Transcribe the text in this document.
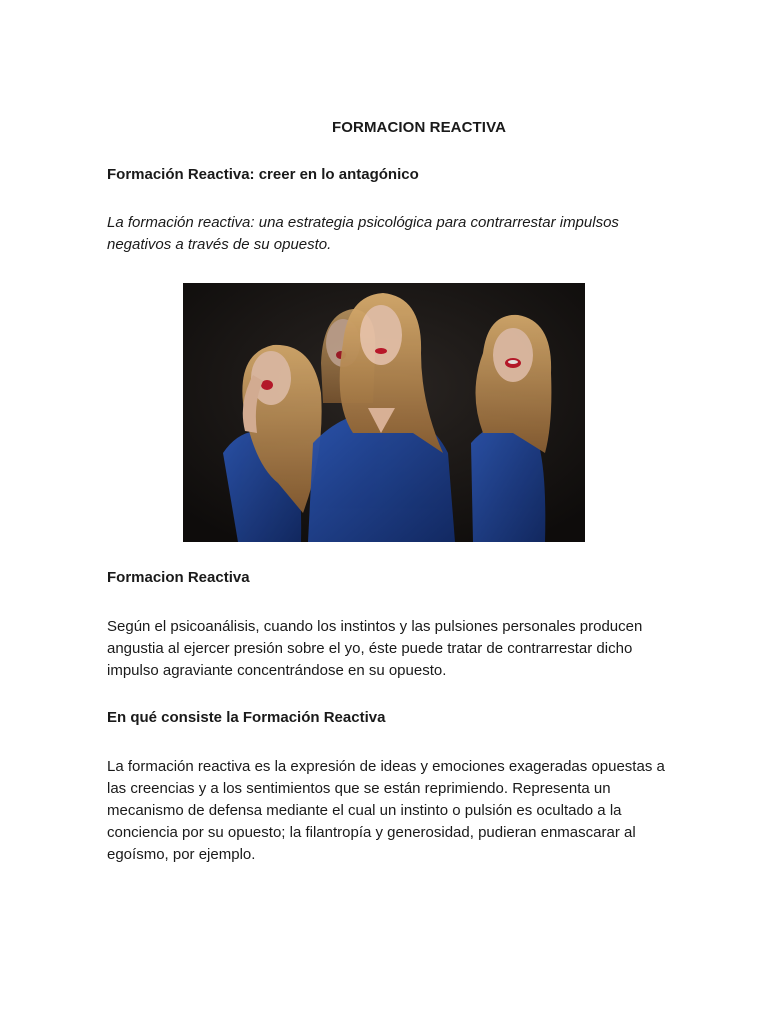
FORMACION REACTIVA
Formación Reactiva: creer en lo antagónico

La formación reactiva: una estrategia psicológica para contrarrestar impulsos negativos a través de su opuesto.

Formacion Reactiva

Según el psicoanálisis, cuando los instintos y las pulsiones personales producen angustia al ejercer presión sobre el yo, éste puede tratar de contrarrestar dicho impulso agraviante concentrándose en su opuesto.

En qué consiste la Formación Reactiva

La formación reactiva es la expresión de ideas y emociones exageradas opuestas a las creencias y a los sentimientos que se están reprimiendo. Representa un mecanismo de defensa mediante el cual un instinto o pulsión es ocultado a la conciencia por su opuesto; la filantropía y generosidad, pudieran enmascarar al egoísmo, por ejemplo.
